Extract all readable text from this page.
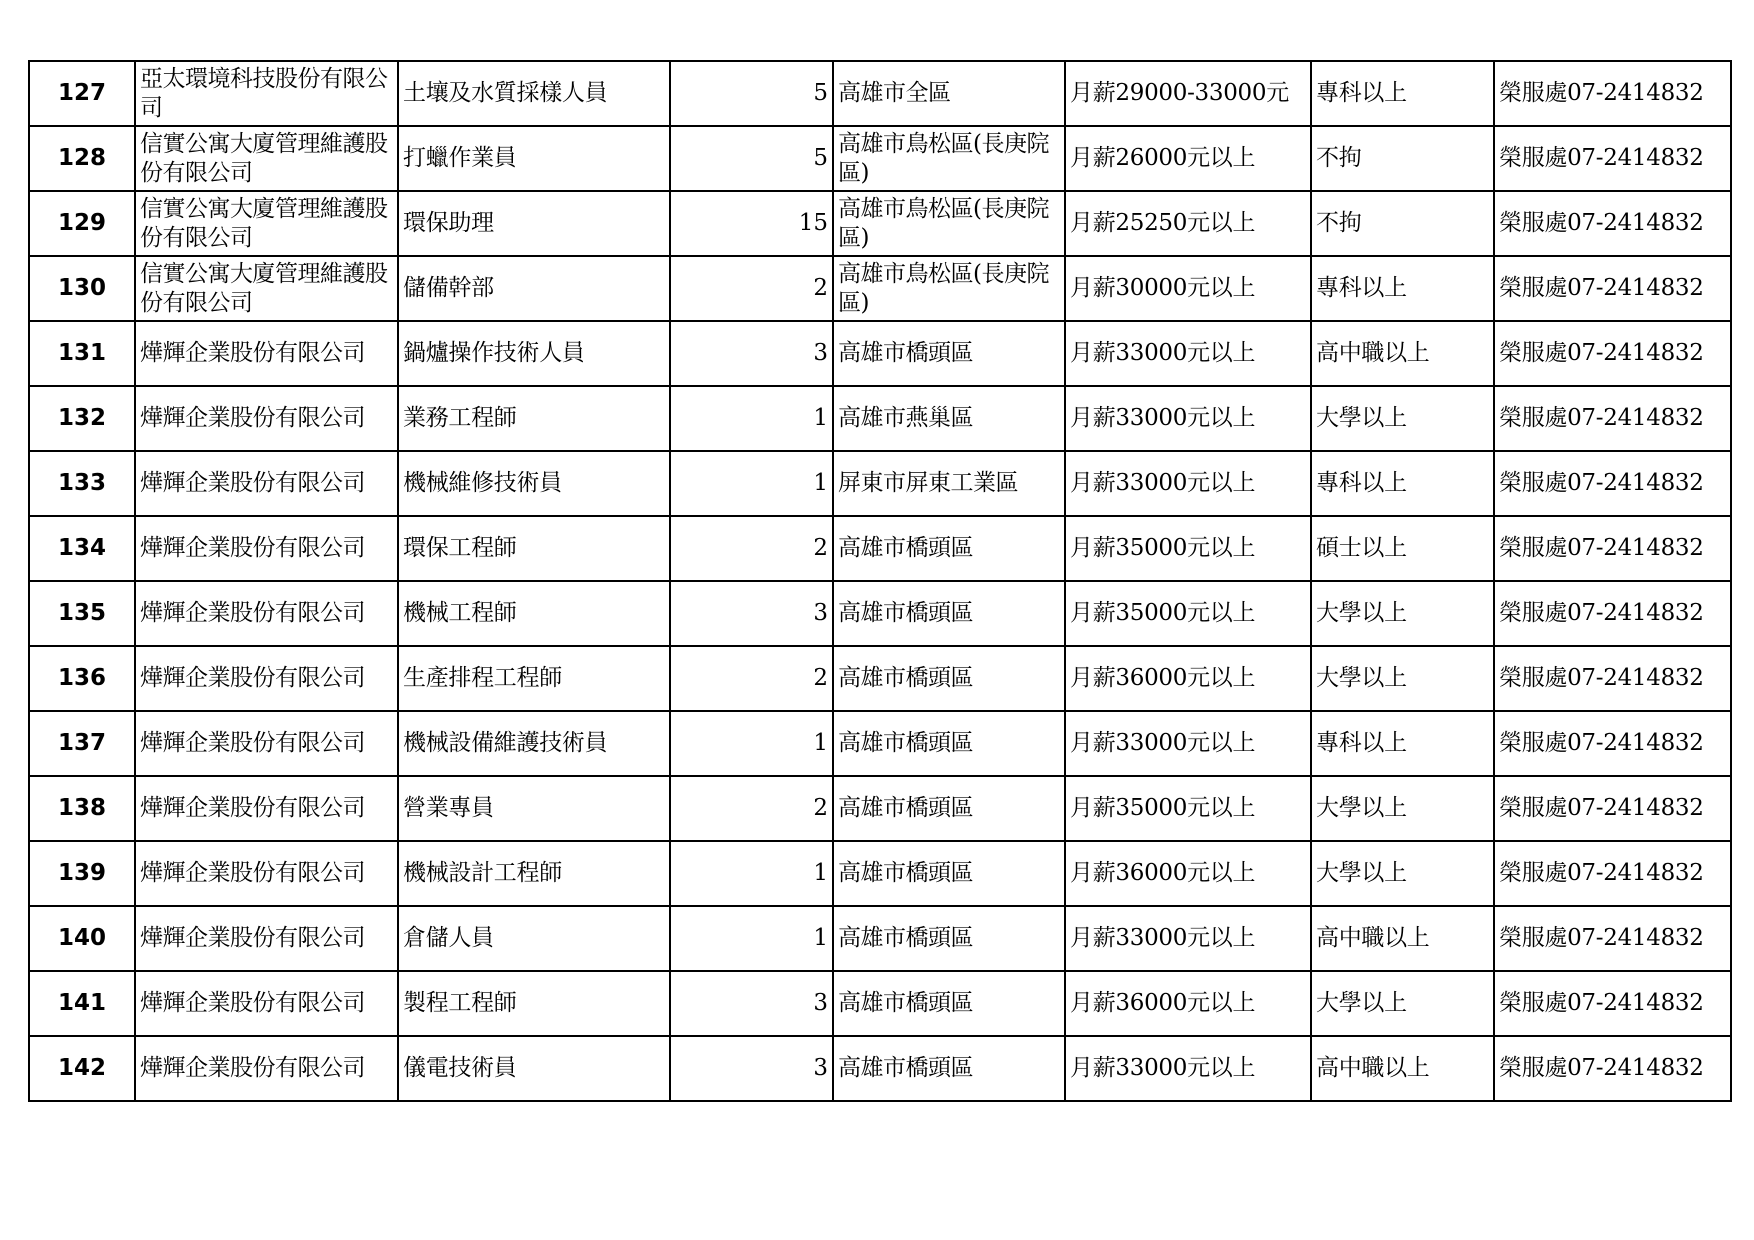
127	亞太環境科技股份有限公司	土壤及水質採樣人員	5	高雄市全區	月薪29000-33000元	專科以上	榮服處07-2414832
128	信實公寓大廈管理維護股份有限公司	打蠟作業員	5	高雄市鳥松區(長庚院區)	月薪26000元以上	不拘	榮服處07-2414832
129	信實公寓大廈管理維護股份有限公司	環保助理	15	高雄市鳥松區(長庚院區)	月薪25250元以上	不拘	榮服處07-2414832
130	信實公寓大廈管理維護股份有限公司	儲備幹部	2	高雄市鳥松區(長庚院區)	月薪30000元以上	專科以上	榮服處07-2414832
131	燁輝企業股份有限公司	鍋爐操作技術人員	3	高雄市橋頭區	月薪33000元以上	高中職以上	榮服處07-2414832
132	燁輝企業股份有限公司	業務工程師	1	高雄市燕巢區	月薪33000元以上	大學以上	榮服處07-2414832
133	燁輝企業股份有限公司	機械維修技術員	1	屏東市屏東工業區	月薪33000元以上	專科以上	榮服處07-2414832
134	燁輝企業股份有限公司	環保工程師	2	高雄市橋頭區	月薪35000元以上	碩士以上	榮服處07-2414832
135	燁輝企業股份有限公司	機械工程師	3	高雄市橋頭區	月薪35000元以上	大學以上	榮服處07-2414832
136	燁輝企業股份有限公司	生產排程工程師	2	高雄市橋頭區	月薪36000元以上	大學以上	榮服處07-2414832
137	燁輝企業股份有限公司	機械設備維護技術員	1	高雄市橋頭區	月薪33000元以上	專科以上	榮服處07-2414832
138	燁輝企業股份有限公司	營業專員	2	高雄市橋頭區	月薪35000元以上	大學以上	榮服處07-2414832
139	燁輝企業股份有限公司	機械設計工程師	1	高雄市橋頭區	月薪36000元以上	大學以上	榮服處07-2414832
140	燁輝企業股份有限公司	倉儲人員	1	高雄市橋頭區	月薪33000元以上	高中職以上	榮服處07-2414832
141	燁輝企業股份有限公司	製程工程師	3	高雄市橋頭區	月薪36000元以上	大學以上	榮服處07-2414832
142	燁輝企業股份有限公司	儀電技術員	3	高雄市橋頭區	月薪33000元以上	高中職以上	榮服處07-2414832
